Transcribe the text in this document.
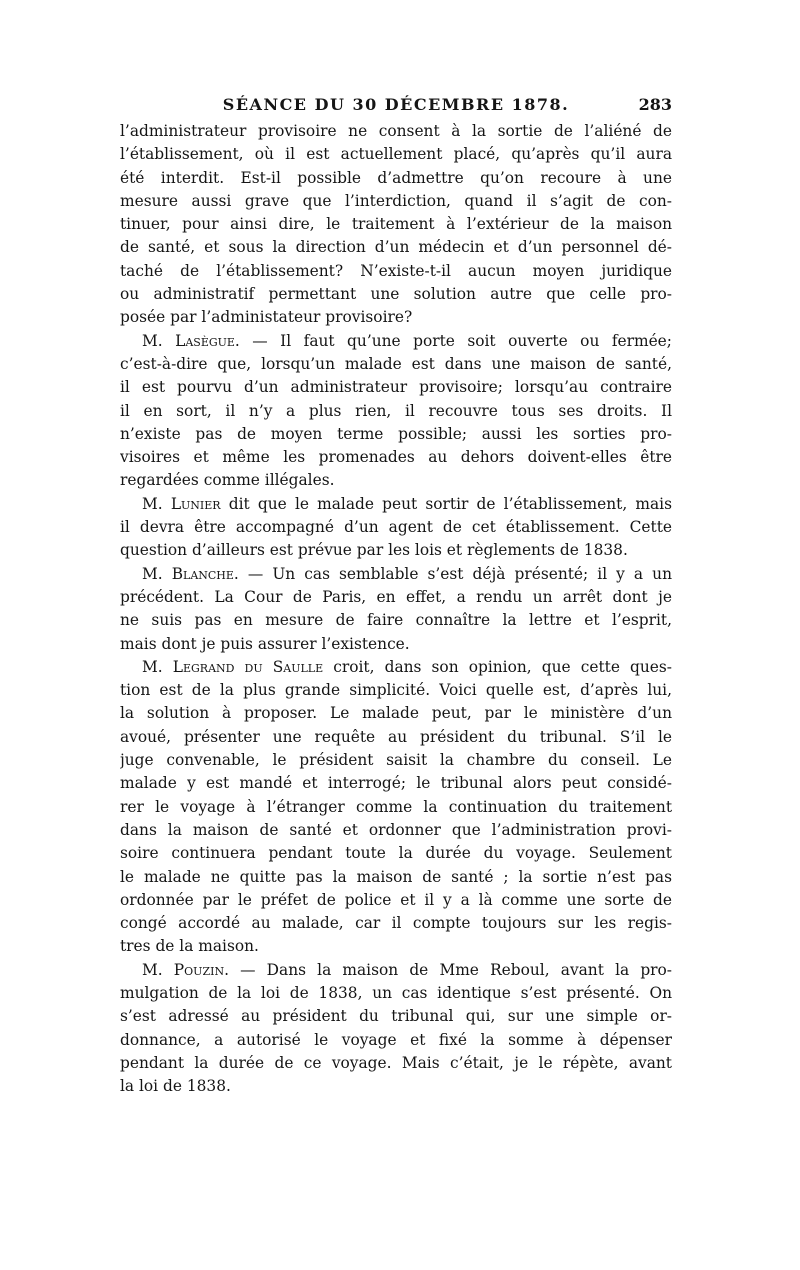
SÉANCE DU 30 DÉCEMBRE 1878.	283
l’administrateur provisoire ne consent à la sortie de l’aliéné de
l’établissement, où il est actuellement placé, qu’après qu’il aura
été interdit. Est-il possible d’admettre qu’on recoure à une
mesure aussi grave que l’interdiction, quand il s’agit de con-
tinuer, pour ainsi dire, le traitement à l’extérieur de la maison
de santé, et sous la direction d’un médecin et d’un personnel dé-
taché de l’établissement? N’existe-t-il aucun moyen juridique
ou administratif permettant une solution autre que celle pro-
posée par l’administateur provisoire?
M. Lasègue. — Il faut qu’une porte soit ouverte ou fermée;
c’est-à-dire que, lorsqu’un malade est dans une maison de santé,
il est pourvu d’un administrateur provisoire; lorsqu’au contraire
il en sort, il n’y a plus rien, il recouvre tous ses droits. Il
n’existe pas de moyen terme possible; aussi les sorties pro-
visoires et même les promenades au dehors doivent-elles être
regardées comme illégales.
M. Lunier dit que le malade peut sortir de l’établissement, mais
il devra être accompagné d’un agent de cet établissement. Cette
question d’ailleurs est prévue par les lois et règlements de 1838.
M. Blanche. — Un cas semblable s’est déjà présenté; il y a un
précédent. La Cour de Paris, en effet, a rendu un arrêt dont je
ne suis pas en mesure de faire connaître la lettre et l’esprit,
mais dont je puis assurer l’existence.
M. Legrand du Saulle croit, dans son opinion, que cette ques-
tion est de la plus grande simplicité. Voici quelle est, d’après lui,
la solution à proposer. Le malade peut, par le ministère d’un
avoué, présenter une requête au président du tribunal. S’il le
juge convenable, le président saisit la chambre du conseil. Le
malade y est mandé et interrogé; le tribunal alors peut considé-
rer le voyage à l’étranger comme la continuation du traitement
dans la maison de santé et ordonner que l’administration provi-
soire continuera pendant toute la durée du voyage. Seulement
le malade ne quitte pas la maison de santé ; la sortie n’est pas
ordonnée par le préfet de police et il y a là comme une sorte de
congé accordé au malade, car il compte toujours sur les regis-
tres de la maison.
M. Pouzin. — Dans la maison de Mme Reboul, avant la pro-
mulgation de la loi de 1838, un cas identique s’est présenté. On
s’est adressé au président du tribunal qui, sur une simple or-
donnance, a autorisé le voyage et fixé la somme à dépenser
pendant la durée de ce voyage. Mais c’était, je le répète, avant
la loi de 1838.
